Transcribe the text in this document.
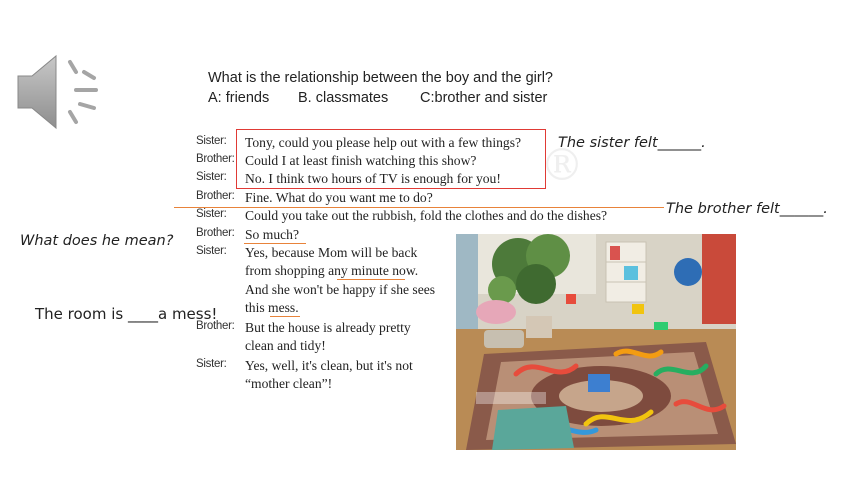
What is the relationship between the boy and the girl?
A: friends B. classmates C:brother and sister
®
Sister: Tony, could you please help out with a few things?
Brother: Could I at least finish watching this show?
Sister: No. I think two hours of TV is enough for you!
Brother: Fine. What do you want me to do?
Sister: Could you take out the rubbish, fold the clothes and do the dishes?
Brother: So much?
Sister: Yes, because Mom will be back
from shopping any minute now.
And she won't be happy if she sees
this mess.
Brother: But the house is already pretty
clean and tidy!
Sister: Yes, well, it's clean, but it's not
“mother clean”!
The sister felt______.
The brother felt______.
What does he mean?
The room is ____a mess!
